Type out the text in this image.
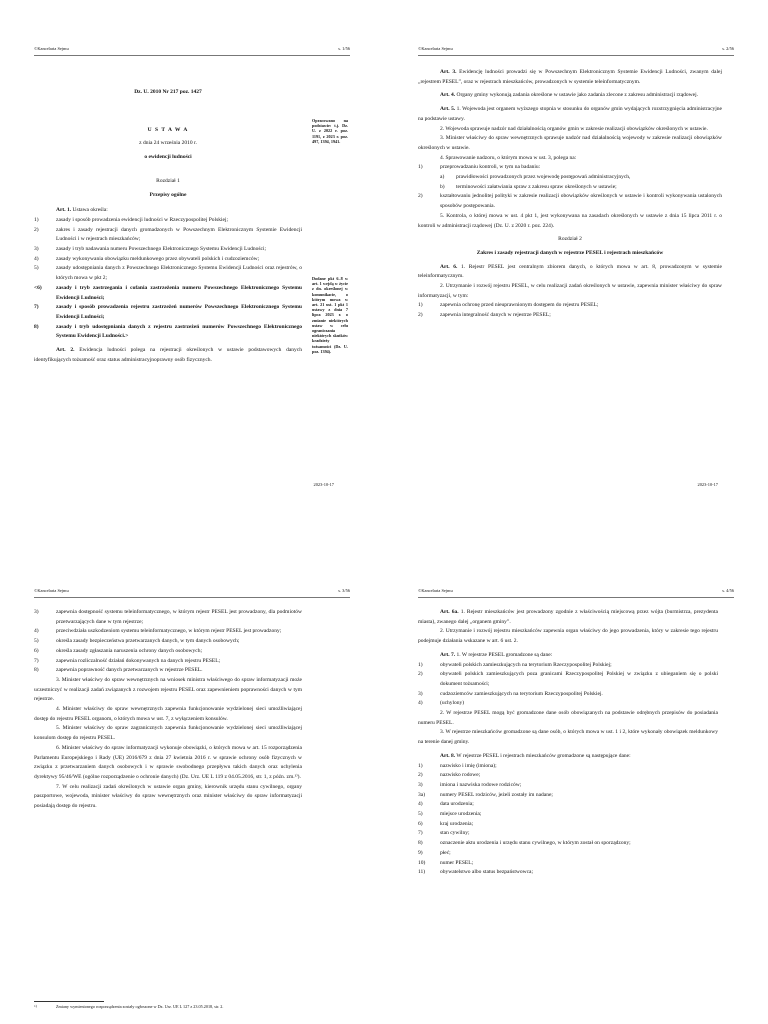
©Kancelaria Sejmu	s. 1/56
2023-10-17
Dz. U. 2010 Nr 217 poz. 1427
U S T A W A
z dnia 24 września 2010 r.
o ewidencji ludności
Rozdział 1
Przepisy ogólne

Art. 1. Ustawa określa:

1)	zasady i sposób prowadzenia ewidencji ludności w Rzeczypospolitej Polskiej;

2)	zakres i zasady rejestracji danych gromadzonych w Powszechnym Elektronicznym Systemie Ewidencji Ludności i w rejestrach mieszkańców;

3)	zasady i tryb nadawania numeru Powszechnego Elektronicznego Systemu Ewidencji Ludności;

4)	zasady wykonywania obowiązku meldunkowego przez obywateli polskich i cudzoziemców;

5)	zasady udostępniania danych z Powszechnego Elektronicznego Systemu Ewidencji Ludności oraz rejestrów, o których mowa w pkt 2;

<6)	zasady i tryb zastrzegania i cofania zastrzeżenia numeru Powszechnego Elektronicznego Systemu Ewidencji Ludności;

7)	zasady i sposób prowadzenia rejestru zastrzeżeń numerów Powszechnego Elektronicznego Systemu Ewidencji Ludności;

8)	zasady i tryb udostępniania danych z rejestru zastrzeżeń numerów Powszechnego Elektronicznego Systemu Ewidencji Ludności.>

Art. 2. Ewidencja ludności polega na rejestracji określonych w ustawie podstawowych danych identyfikujących tożsamość oraz status administracyjnoprawny osób fizycznych.

Opracowano na podstawie: t.j. Dz. U. z 2022 r. poz. 1191, z 2023 r. poz. 497, 1394, 1941.
Dodane pkt 6–8 w art. 1 wejdą w życie z dn. określonej w komunikacie, o którym mowa w art. 21 ust. 1 pkt 1 ustawy z dnia 7 lipca 2023 r. o zmianie niektórych ustaw w celu ograniczania niektórych skutków kradzieży tożsamości (Dz. U. poz. 1394).
©Kancelaria Sejmu	s. 2/56
2023-10-17

Art. 3. Ewidencję ludności prowadzi się w Powszechnym Elektronicznym Systemie Ewidencji Ludności, zwanym dalej „rejestrem PESEL”, oraz w rejestrach mieszkańców, prowadzonych w systemie teleinformatycznym.

Art. 4. Organy gminy wykonują zadania określone w ustawie jako zadania zlecone z zakresu administracji rządowej.

Art. 5. 1. Wojewoda jest organem wyższego stopnia w stosunku do organów gmin wydających rozstrzygnięcia administracyjne na podstawie ustawy.

2. Wojewoda sprawuje nadzór nad działalnością organów gmin w zakresie realizacji obowiązków określonych w ustawie.

3. Minister właściwy do spraw wewnętrznych sprawuje nadzór nad działalnością wojewody w zakresie realizacji obowiązków określonych w ustawie.

4. Sprawowanie nadzoru, o którym mowa w ust. 3, polega na:

1)	przeprowadzaniu kontroli, w tym na badaniu:

a) prawidłowości prowadzonych przez wojewodę postępowań administracyjnych,

b) terminowości załatwiania spraw z zakresu spraw określonych w ustawie;

2)	kształtowaniu jednolitej polityki w zakresie realizacji obowiązków określonych w ustawie i kontroli wykonywania ustalonych sposobów postępowania.

5. Kontrola, o której mowa w ust. 4 pkt 1, jest wykonywana na zasadach określonych w ustawie z dnia 15 lipca 2011 r. o kontroli w administracji rządowej (Dz. U. z 2020 r. poz. 224).

Rozdział 2
Zakres i zasady rejestracji danych w rejestrze PESEL i rejestrach mieszkańców

Art. 6. 1. Rejestr PESEL jest centralnym zbiorem danych, o których mowa w art. 8, prowadzonym w systemie teleinformatycznym.

2. Utrzymanie i rozwój rejestru PESEL, w celu realizacji zadań określonych w ustawie, zapewnia minister właściwy do spraw informatyzacji, w tym:

1)	zapewnia ochronę przed nieuprawnionym dostępem do rejestru PESEL;

2)	zapewnia integralność danych w rejestrze PESEL;

©Kancelaria Sejmu	s. 3/56

3)	zapewnia dostępność systemu teleinformatycznego, w którym rejestr PESEL jest prowadzony, dla podmiotów przetwarzających dane w tym rejestrze;

4)	przeciwdziała uszkodzeniom systemu teleinformatycznego, w którym rejestr PESEL jest prowadzony;

5)	określa zasady bezpieczeństwa przetwarzanych danych, w tym danych osobowych;

6)	określa zasady zgłaszania naruszenia ochrony danych osobowych;

7)	zapewnia rozliczalność działań dokonywanych na danych rejestru PESEL;

8)	zapewnia poprawność danych przetwarzanych w rejestrze PESEL.

3. Minister właściwy do spraw wewnętrznych na wniosek ministra właściwego do spraw informatyzacji może uczestniczyć w realizacji zadań związanych z rozwojem rejestru PESEL oraz zapewnieniem poprawności danych w tym rejestrze.

4. Minister właściwy do spraw wewnętrznych zapewnia funkcjonowanie wydzielonej sieci umożliwiającej dostęp do rejestru PESEL organom, o których mowa w ust. 7, z wyłączeniem konsulów.

5. Minister właściwy do spraw zagranicznych zapewnia funkcjonowanie wydzielonej sieci umożliwiającej konsulom dostęp do rejestru PESEL.

6. Minister właściwy do spraw informatyzacji wykonuje obowiązki, o których mowa w art. 15 rozporządzenia Parlamentu Europejskiego i Rady (UE) 2016/679 z dnia 27 kwietnia 2016 r. w sprawie ochrony osób fizycznych w związku z przetwarzaniem danych osobowych i w sprawie swobodnego przepływu takich danych oraz uchylenia dyrektywy 95/46/WE (ogólne rozporządzenie o ochronie danych) (Dz. Urz. UE L 119 z 04.05.2016, str. 1, z późn. zm.¹⁾).

7. W celu realizacji zadań określonych w ustawie organ gminy, kierownik urzędu stanu cywilnego, organy paszportowe, wojewoda, minister właściwy do spraw wewnętrznych oraz minister właściwy do spraw informatyzacji posiadają dostęp do rejestru.

1)	Zmiany wymienionego rozporządzenia zostały ogłoszone w Dz. Urz. UE L 127 z 23.05.2018, str. 2.
©Kancelaria Sejmu	s. 4/56

Art. 6a. 1. Rejestr mieszkańców jest prowadzony zgodnie z właściwością miejscową przez wójta (burmistrza, prezydenta miasta), zwanego dalej „organem gminy”.

2. Utrzymanie i rozwój rejestru mieszkańców zapewnia organ właściwy do jego prowadzenia, który w zakresie tego rejestru podejmuje działania wskazane w art. 6 ust. 2.

Art. 7. 1. W rejestrze PESEL gromadzone są dane:

1)	obywateli polskich zamieszkujących na terytorium Rzeczypospolitej Polskiej;

2)	obywateli polskich zamieszkujących poza granicami Rzeczypospolitej Polskiej w związku z ubieganiem się o polski dokument tożsamości;

3)	cudzoziemców zamieszkujących na terytorium Rzeczypospolitej Polskiej.

4)	(uchylony)

2. W rejestrze PESEL mogą być gromadzone dane osób obowiązanych na podstawie odrębnych przepisów do posiadania numeru PESEL.

3. W rejestrze mieszkańców gromadzone są dane osób, o których mowa w ust. 1 i 2, które wykonały obowiązek meldunkowy na terenie danej gminy.

Art. 8. W rejestrze PESEL i rejestrach mieszkańców gromadzone są następujące dane:

1)	nazwisko i imię (imiona);

2)	nazwisko rodowe;

3)	imiona i nazwiska rodowe rodziców;

3a)	numery PESEL rodziców, jeżeli zostały im nadane;

4)	data urodzenia;

5)	miejsce urodzenia;

6)	kraj urodzenia;

7)	stan cywilny;

8)	oznaczenie aktu urodzenia i urzędu stanu cywilnego, w którym został on sporządzony;

9)	płeć;

10)	numer PESEL;

11)	obywatelstwo albo status bezpaństwowca;
